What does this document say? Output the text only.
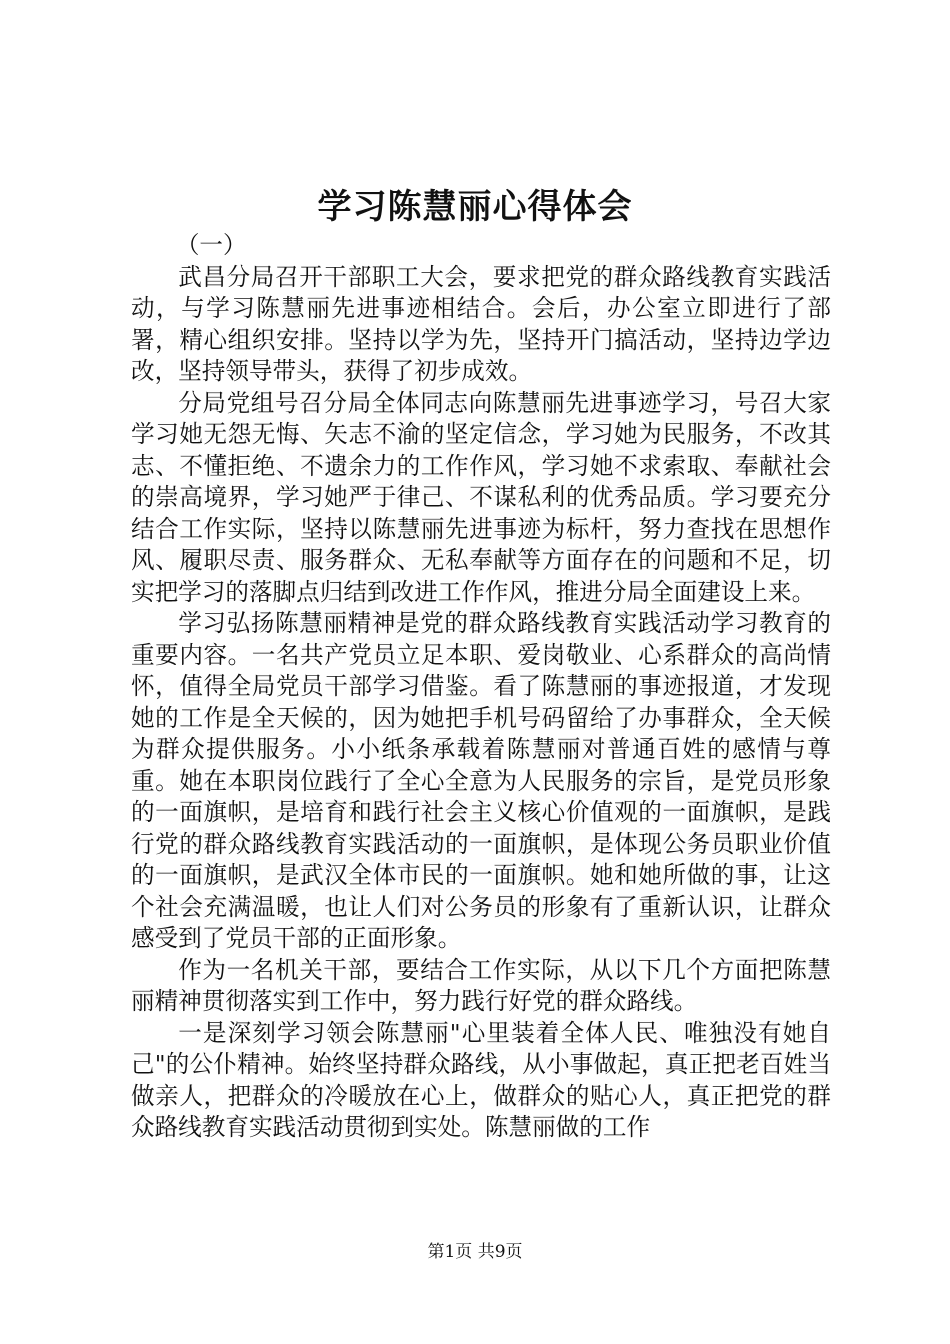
学习陈慧丽心得体会

（一）

武昌分局召开干部职工大会，要求把党的群众路线教育实践活动，与学习陈慧丽先进事迹相结合。会后，办公室立即进行了部署，精心组织安排。坚持以学为先，坚持开门搞活动，坚持边学边改，坚持领导带头，获得了初步成效。

分局党组号召分局全体同志向陈慧丽先进事迹学习，号召大家学习她无怨无悔、矢志不渝的坚定信念，学习她为民服务，不改其志、不懂拒绝、不遗余力的工作作风，学习她不求索取、奉献社会的崇高境界，学习她严于律己、不谋私利的优秀品质。学习要充分结合工作实际，坚持以陈慧丽先进事迹为标杆，努力查找在思想作风、履职尽责、服务群众、无私奉献等方面存在的问题和不足，切实把学习的落脚点归结到改进工作作风，推进分局全面建设上来。

学习弘扬陈慧丽精神是党的群众路线教育实践活动学习教育的重要内容。一名共产党员立足本职、爱岗敬业、心系群众的高尚情怀，值得全局党员干部学习借鉴。看了陈慧丽的事迹报道，才发现她的工作是全天候的，因为她把手机号码留给了办事群众，全天候为群众提供服务。小小纸条承载着陈慧丽对普通百姓的感情与尊重。她在本职岗位践行了全心全意为人民服务的宗旨，是党员形象的一面旗帜，是培育和践行社会主义核心价值观的一面旗帜，是践行党的群众路线教育实践活动的一面旗帜，是体现公务员职业价值的一面旗帜，是武汉全体市民的一面旗帜。她和她所做的事，让这个社会充满温暖，也让人们对公务员的形象有了重新认识，让群众感受到了党员干部的正面形象。

作为一名机关干部，要结合工作实际，从以下几个方面把陈慧丽精神贯彻落实到工作中，努力践行好党的群众路线。

一是深刻学习领会陈慧丽"心里装着全体人民、唯独没有她自己"的公仆精神。始终坚持群众路线，从小事做起，真正把老百姓当做亲人，把群众的冷暖放在心上，做群众的贴心人，真正把党的群众路线教育实践活动贯彻到实处。陈慧丽做的工作

第1页 共9页
